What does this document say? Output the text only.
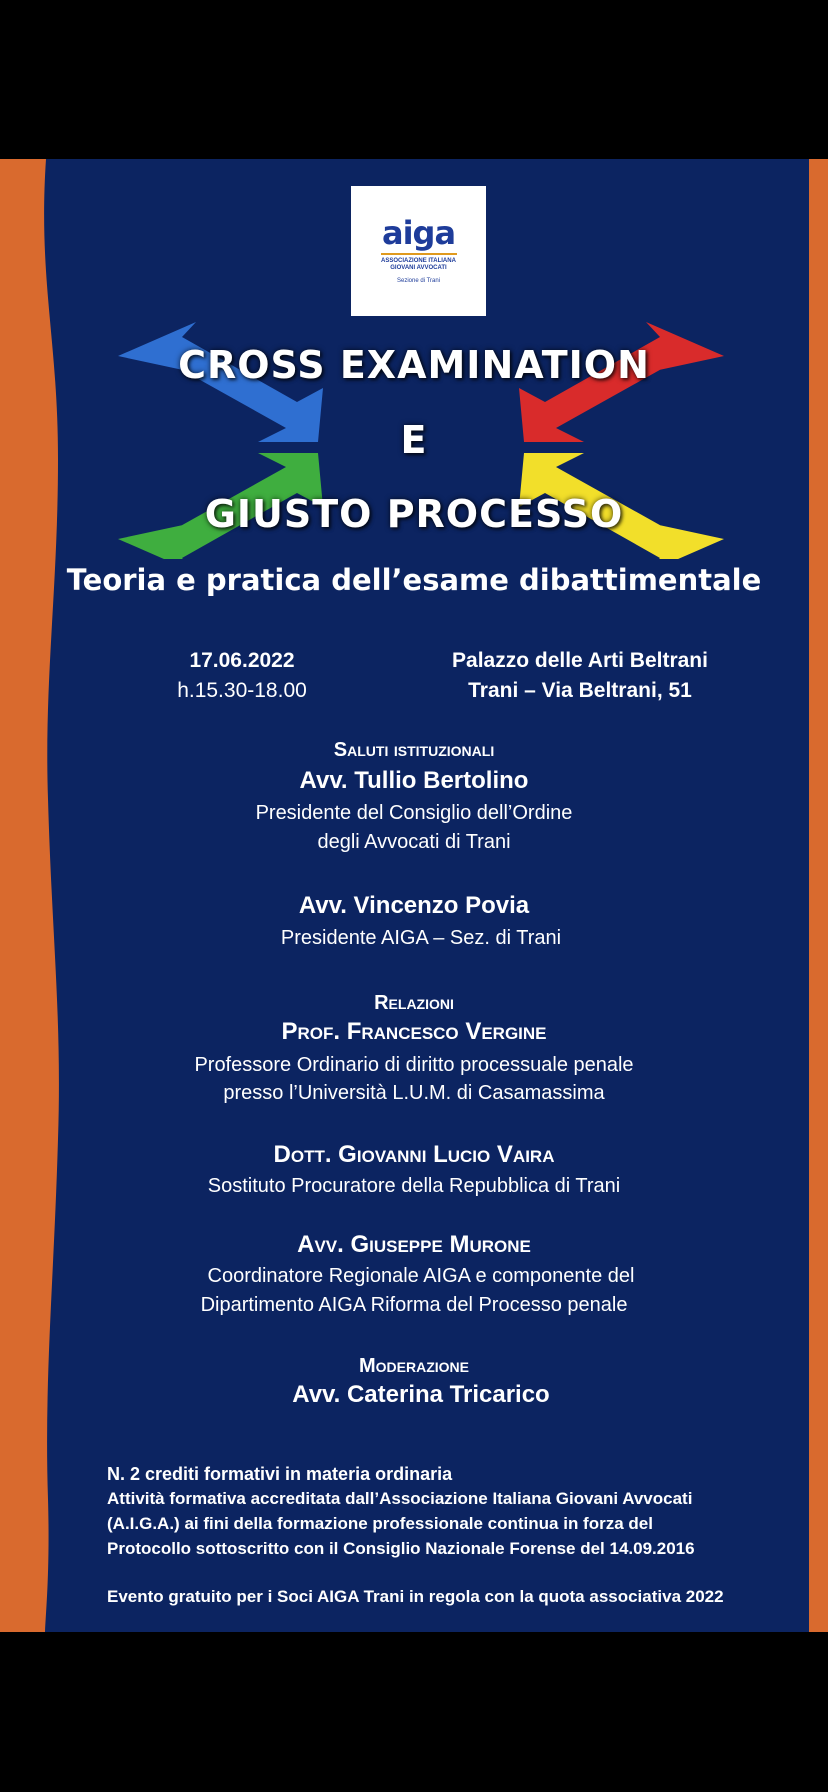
aiga
ASSOCIAZIONE ITALIANA GIOVANI AVVOCATI
Sezione di Trani
CROSS EXAMINATION
E
GIUSTO PROCESSO
Teoria e pratica dell’esame dibattimentale
17.06.2022
h.15.30-18.00
Palazzo delle Arti Beltrani
Trani – Via Beltrani, 51
Saluti istituzionali
Avv. Tullio Bertolino
Presidente del Consiglio dell’Ordine
degli Avvocati di Trani
Avv. Vincenzo Povia
Presidente AIGA – Sez. di Trani
Relazioni
Prof. Francesco Vergine
Professore Ordinario di diritto processuale penale
presso l’Università L.U.M. di Casamassima
Dott. Giovanni Lucio Vaira
Sostituto Procuratore della Repubblica di Trani
Avv. Giuseppe Murone
Coordinatore Regionale AIGA e componente del
Dipartimento AIGA Riforma del Processo penale
Moderazione
Avv. Caterina Tricarico
N. 2 crediti formativi in materia ordinaria
Attività formativa accreditata dall’Associazione Italiana Giovani Avvocati
(A.I.G.A.) ai fini della formazione professionale continua in forza del
Protocollo sottoscritto con il Consiglio Nazionale Forense del 14.09.2016
Evento gratuito per i Soci AIGA Trani in regola con la quota associativa 2022
